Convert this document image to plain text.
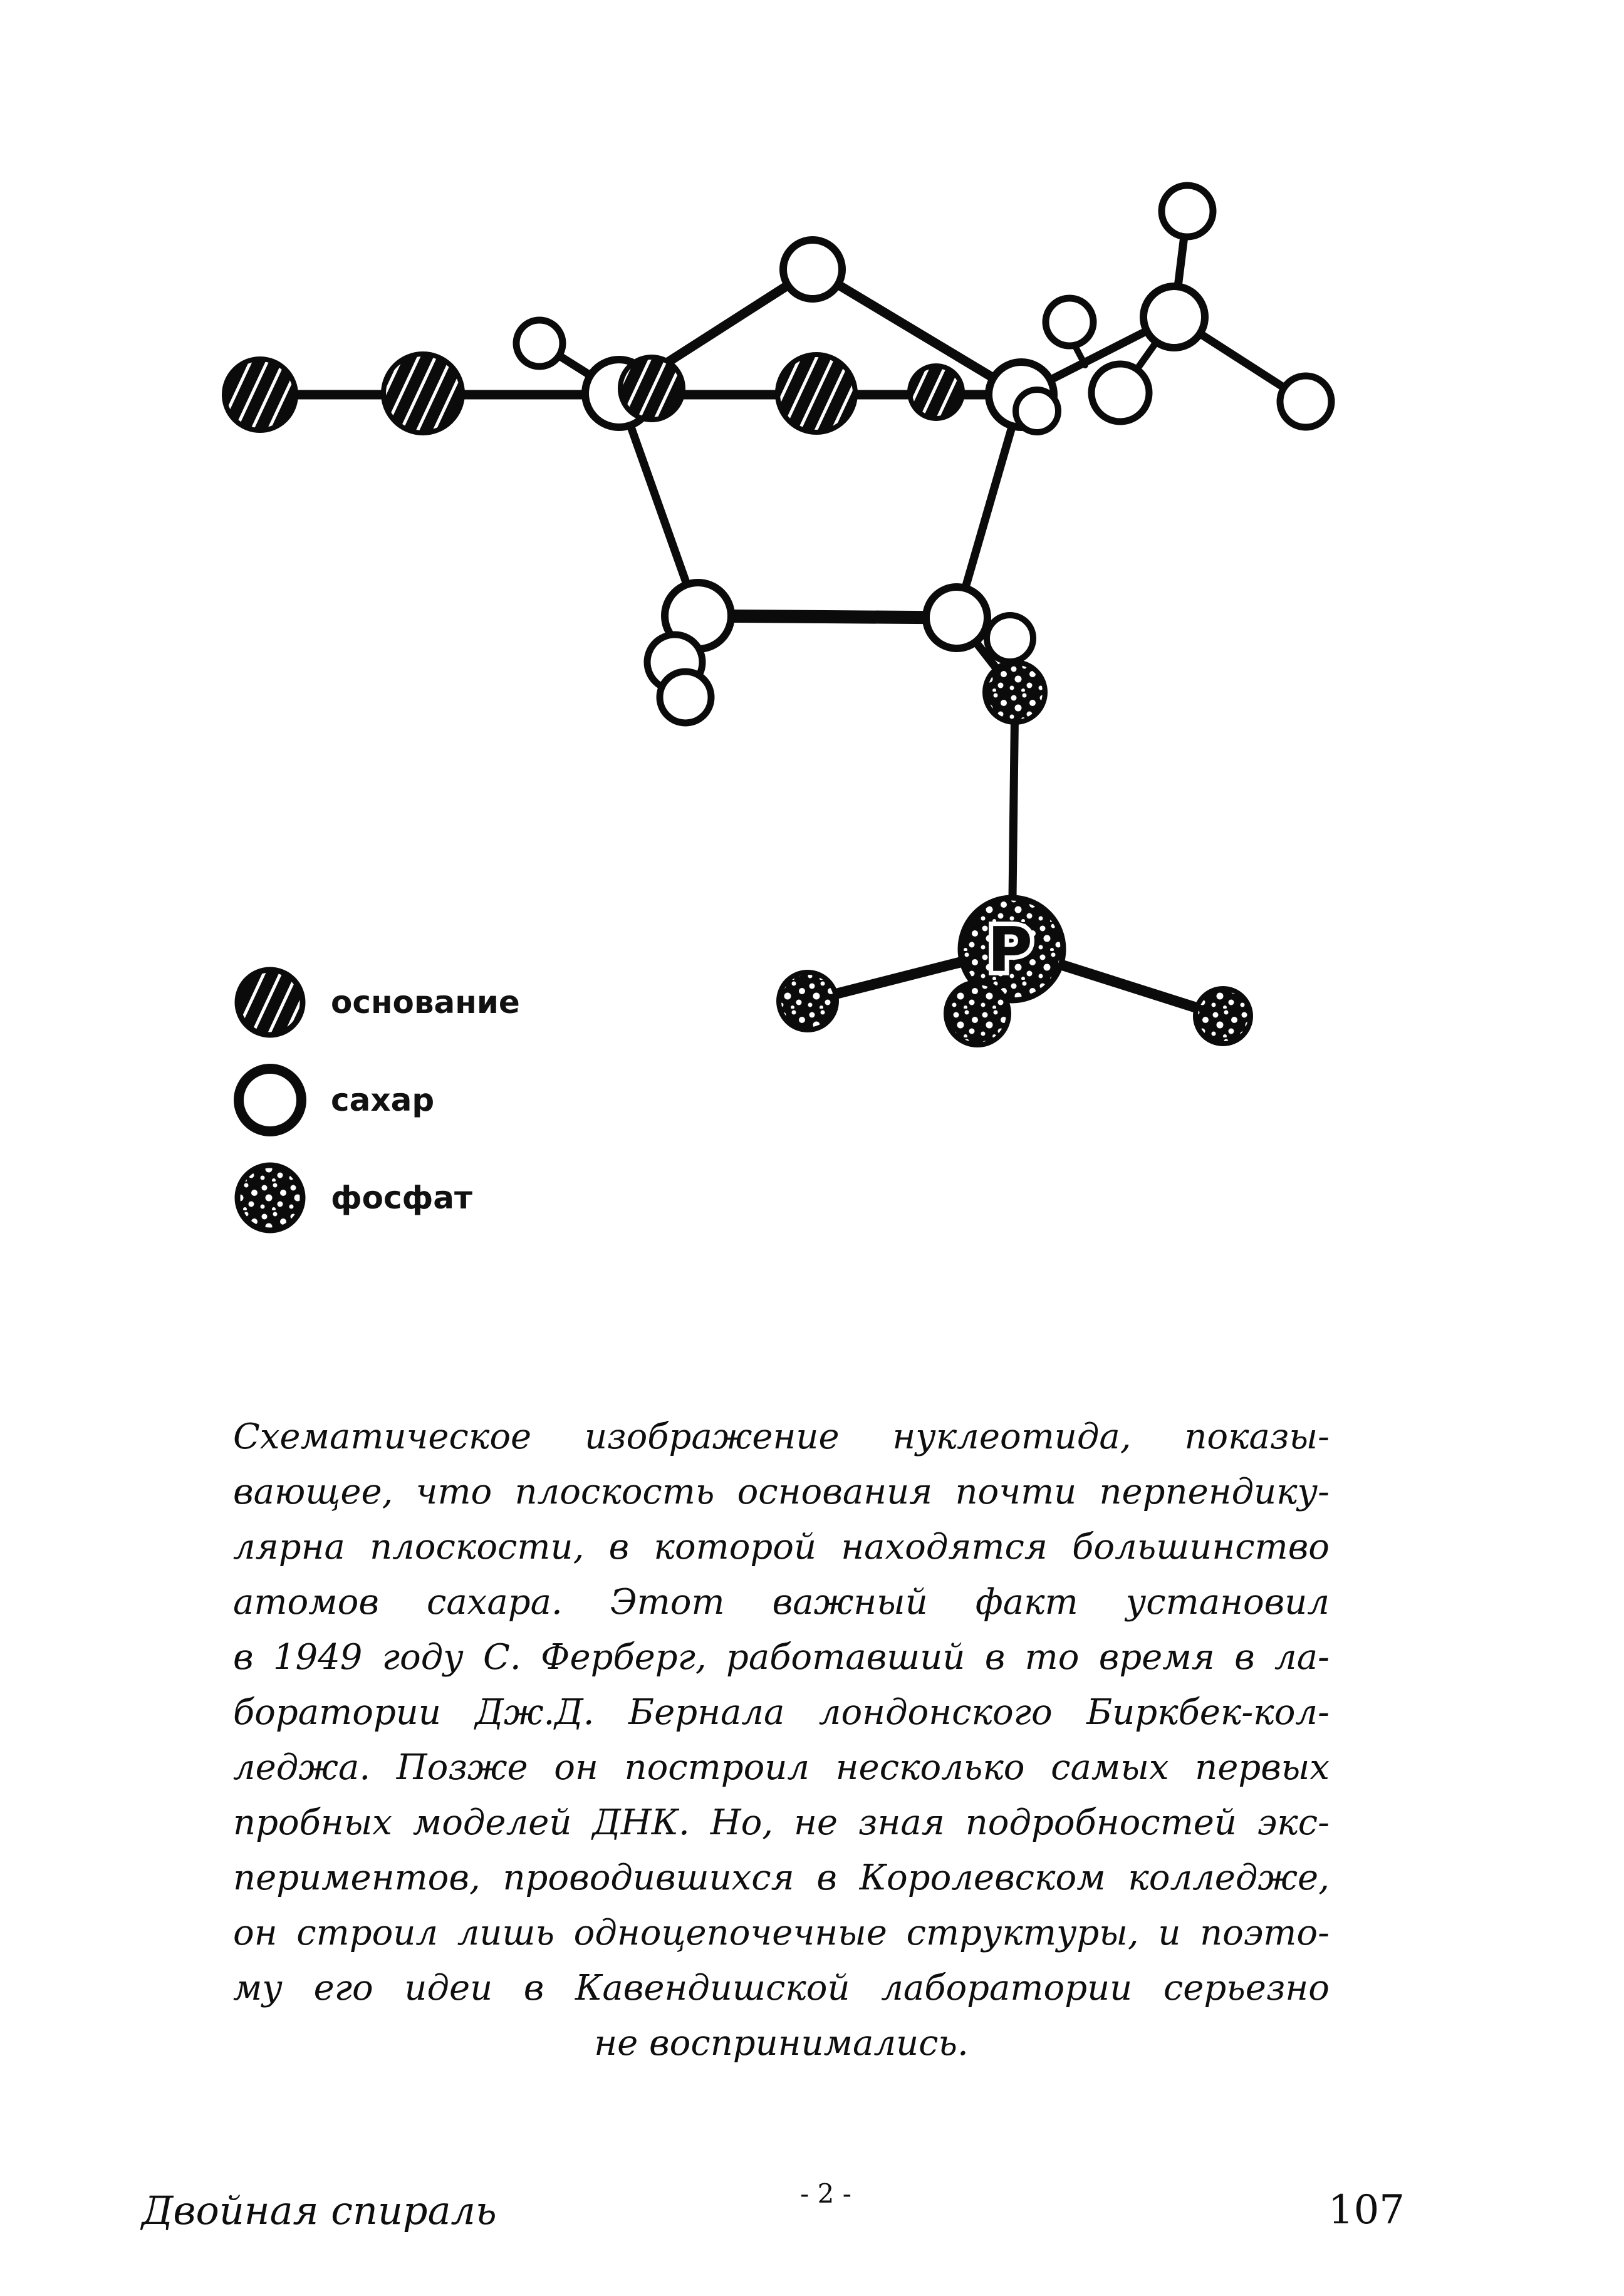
P
основание
сахар
фосфат
Схематическое изображение нуклеотида, показы-
вающее, что плоскость основания почти перпендику-
лярна плоскости, в которой находятся большинство
атомов сахара. Этот важный факт установил
в 1949 году С. Ферберг, работавший в то время в ла-
боратории Дж.Д. Бернала лондонского Биркбек-кол-
леджа. Позже он построил несколько самых первых
пробных моделей ДНК. Но, не зная подробностей экс-
периментов, проводившихся в Королевском колледже,
он строил лишь одноцепочечные структуры, и поэто-
му его идеи в Кавендишской лаборатории серьезно
не воспринимались.
Двойная спираль	- 2 -	107
